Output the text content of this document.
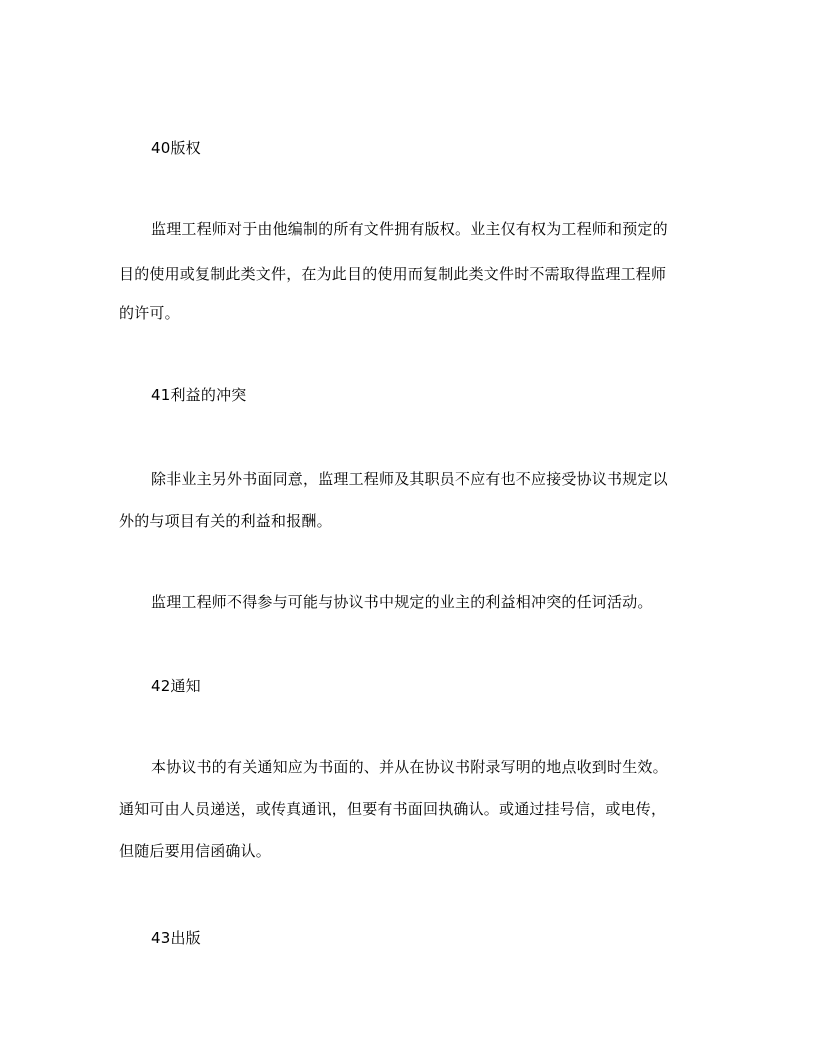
40版权
监理工程师对于由他编制的所有文件拥有版权。业主仅有权为工程师和预定的
目的使用或复制此类文件，在为此目的使用而复制此类文件时不需取得监理工程师
的许可。
41利益的冲突
除非业主另外书面同意，监理工程师及其职员不应有也不应接受协议书规定以
外的与项目有关的利益和报酬。
监理工程师不得参与可能与协议书中规定的业主的利益相冲突的任诃活动。
42通知
本协议书的有关通知应为书面的、并从在协议书附录写明的地点收到时生效。
通知可由人员递送，或传真通讯，但要有书面回执确认。或通过挂号信，或电传，
但随后要用信函确认。
43出版
